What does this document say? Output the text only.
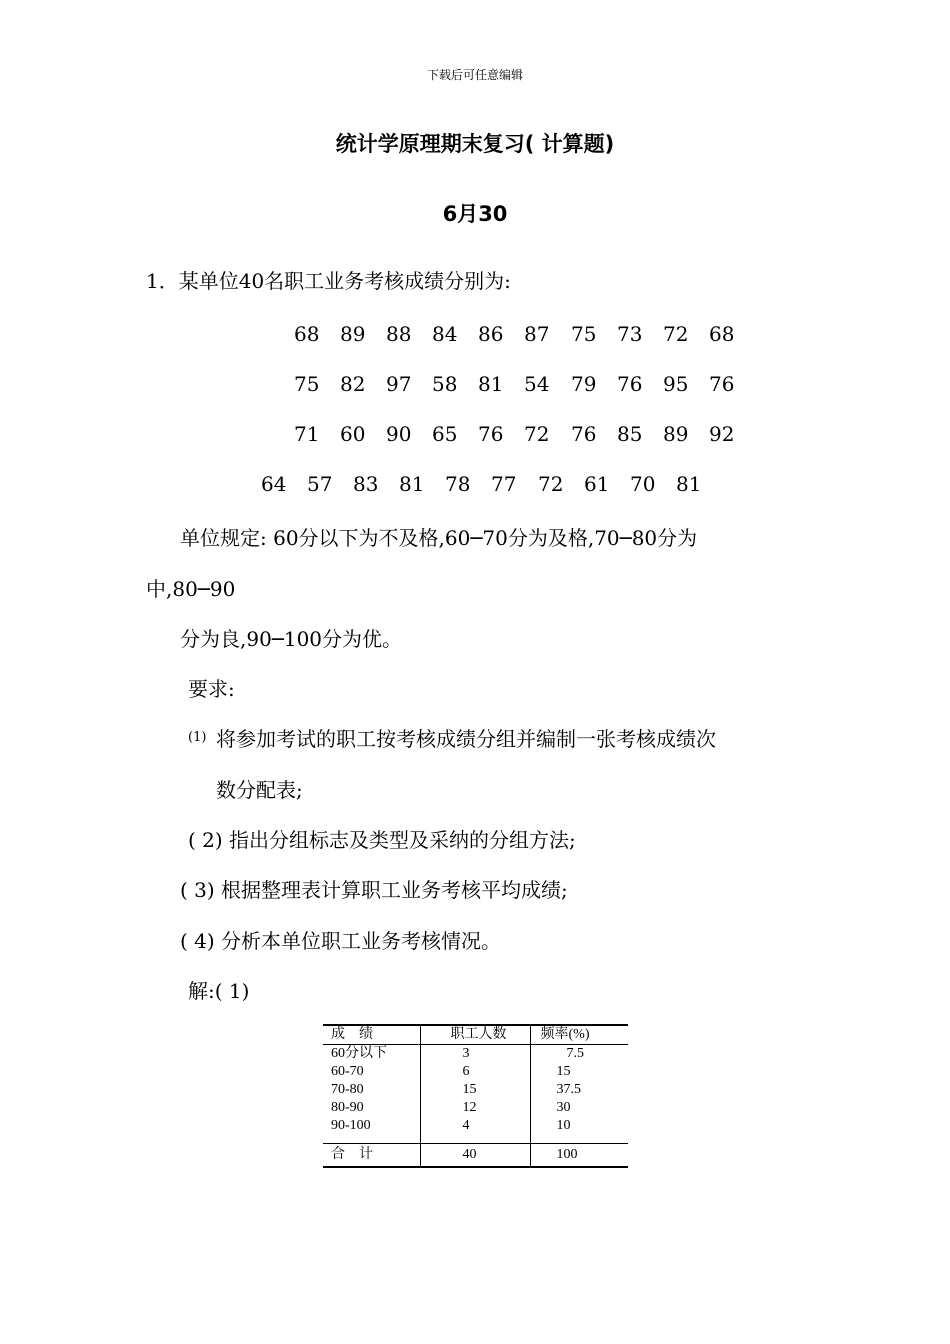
下载后可任意编辑
统计学原理期末复习( 计算题)
6月30
1．某单位40名职工业务考核成绩分别为:
68	89	88	84	86	87	75	73	72	68
75	82	97	58	81	54	79	76	95	76
71	60	90	65	76	72	76	85	89	92
64	57	83	81	78	77	72	61	70	81
单位规定: 60分以下为不及格,60─70分为及格,70─80分为
中,80─90
分为良,90─100分为优。
要求:
(1) 将参加考试的职工按考核成绩分组并编制一张考核成绩次
数分配表;
( 2) 指出分组标志及类型及采纳的分组方法;
( 3) 根据整理表计算职工业务考核平均成绩;
( 4) 分析本单位职工业务考核情况。
解:( 1)
成　绩	职工人数	频率(%)
60分以下	3	7.5
60-70	6	15
70-80	15	37.5
80-90	12	30
90-100	4	10

合　计	40	100
